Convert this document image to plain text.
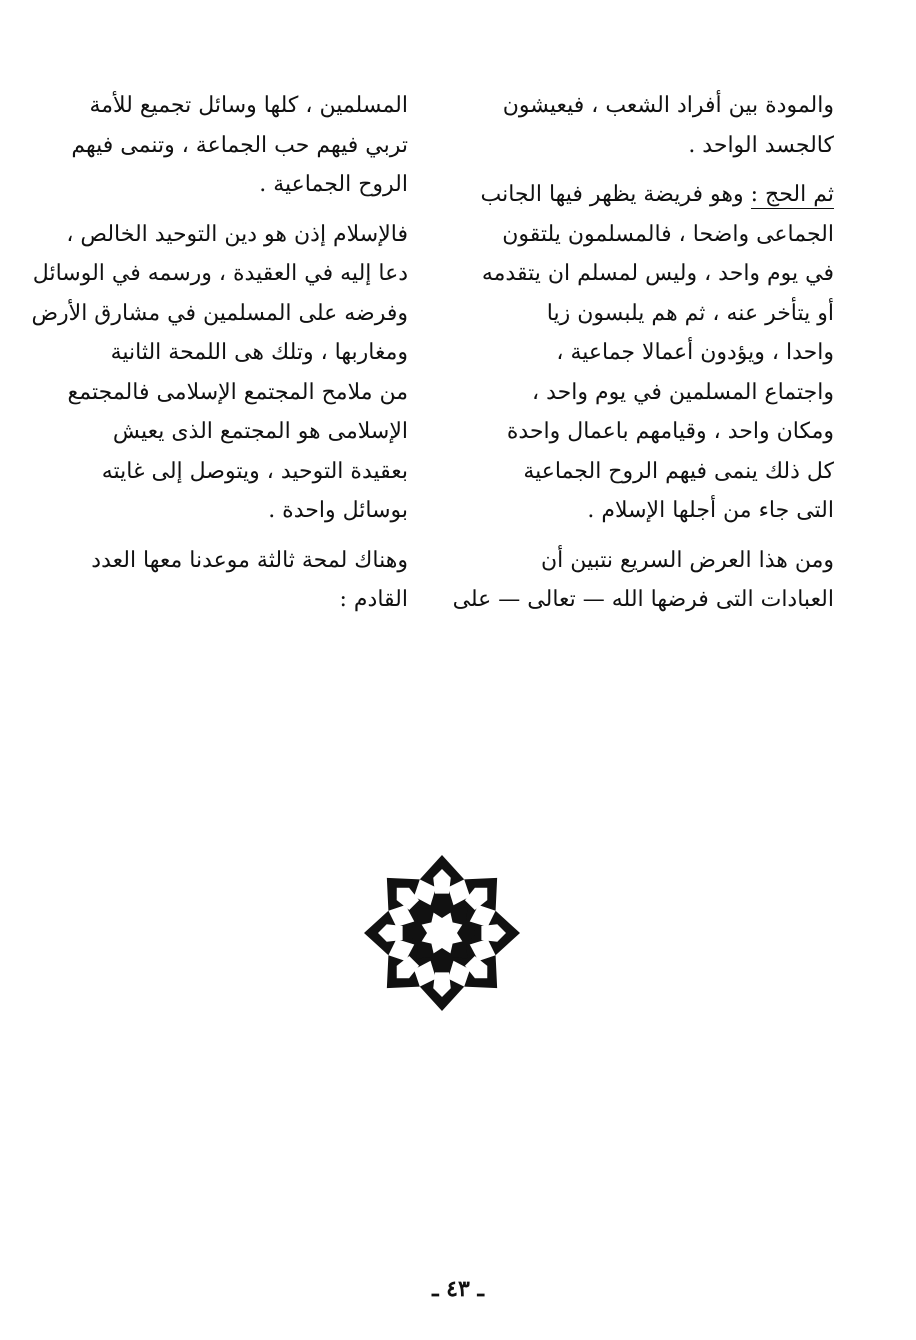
والمودة بين أفراد الشعب ، فيعيشون
كالجسد الواحد .

ثم الحج : وهو فريضة يظهر فيها الجانب
الجماعى واضحا ، فالمسلمون يلتقون
في يوم واحد ، وليس لمسلم ان يتقدمه
أو يتأخر عنه ، ثم هم يلبسون زيا
واحدا ، ويؤدون أعمالا جماعية ،
واجتماع المسلمين في يوم واحد ،
ومكان واحد ، وقيامهم باعمال واحدة
كل ذلك ينمى فيهم الروح الجماعية
التى جاء من أجلها الإسلام .

ومن هذا العرض السريع نتبين أن
العبادات التى فرضها الله — تعالى — على

المسلمين ، كلها وسائل تجميع للأمة
تربي فيهم حب الجماعة ، وتنمى فيهم
الروح الجماعية .

فالإسلام إذن هو دين التوحيد الخالص ،
دعا إليه في العقيدة ، ورسمه في الوسائل
وفرضه على المسلمين في مشارق الأرض
ومغاربها ، وتلك هى اللمحة الثانية
من ملامح المجتمع الإسلامى فالمجتمع
الإسلامى هو المجتمع الذى يعيش
بعقيدة التوحيد ، ويتوصل إلى غايته
بوسائل واحدة .

وهناك لمحة ثالثة موعدنا معها العدد
القادم :

ـ ٤٣ ـ
